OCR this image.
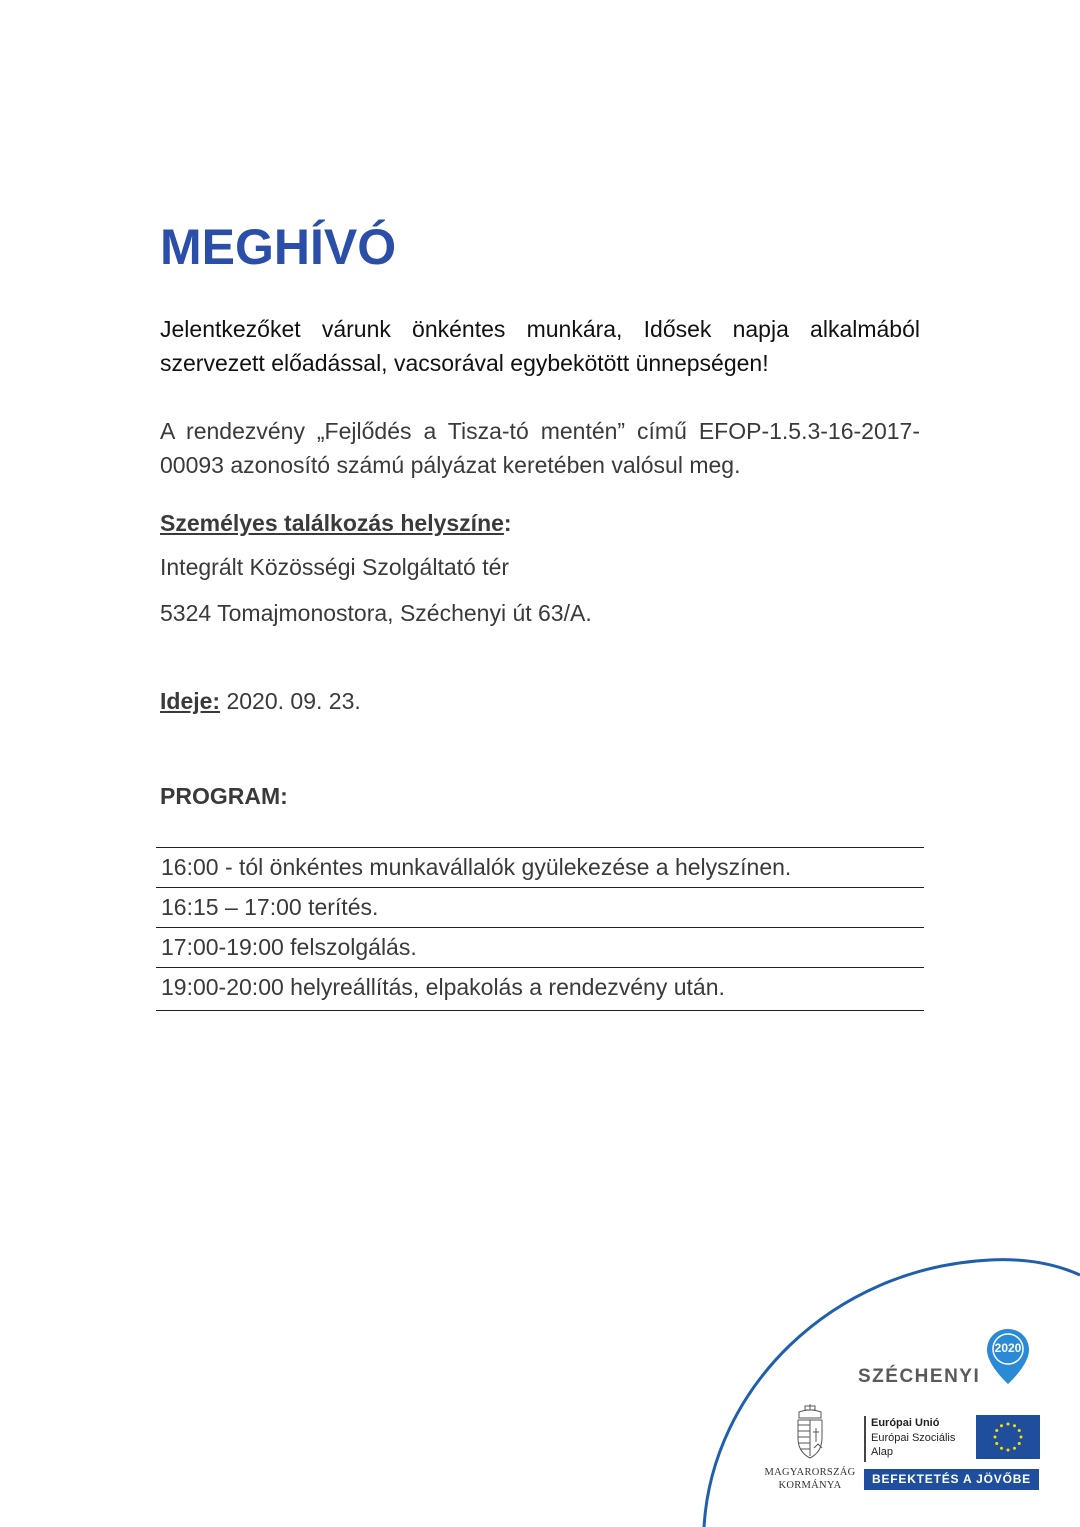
MEGHÍVÓ
Jelentkezőket várunk önkéntes munkára, Idősek napja alkalmából szervezett előadással, vacsorával egybekötött ünnepségen!
A rendezvény „Fejlődés a Tisza-tó mentén” című EFOP-1.5.3-16-2017-00093 azonosító számú pályázat keretében valósul meg.
Személyes találkozás helyszíne:
Integrált Közösségi Szolgáltató tér
5324 Tomajmonostora, Széchenyi út 63/A.
Ideje: 2020. 09. 23.
PROGRAM:
16:00 - tól önkéntes munkavállalók gyülekezése a helyszínen.
16:15 – 17:00 terítés.
17:00-19:00 felszolgálás.
19:00-20:00 helyreállítás, elpakolás a rendezvény után.
SZÉCHENYI
2020
MAGYARORSZÁG
KORMÁNYA
Európai Unió
Európai Szociális
Alap
BEFEKTETÉS A JÖVŐBE
